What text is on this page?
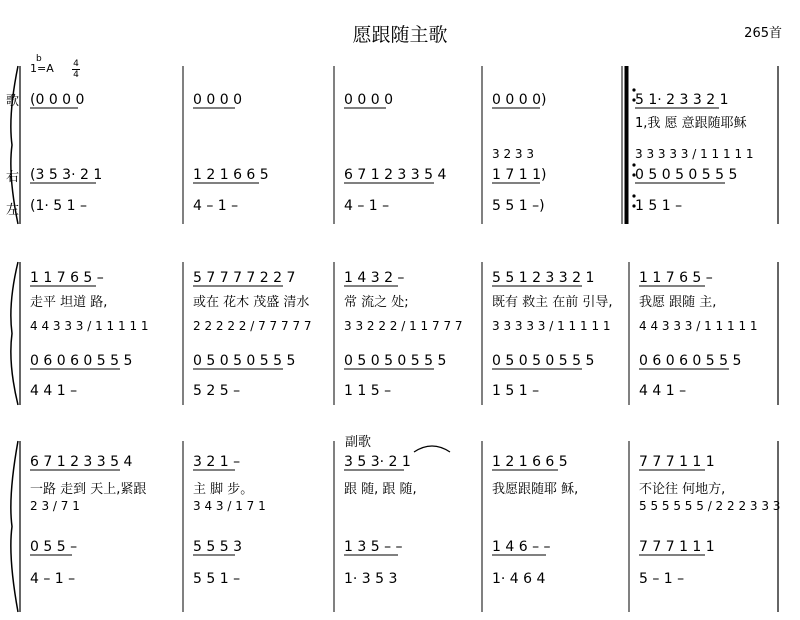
愿跟随主歌	265首
1=A
b	4
4
歌
右
左
(0 0 0 0
(3 5 3· 2 1
(1· 5 1 –
0 0 0 0
1 2 1 6 6 5
4 – 1 –
0 0 0 0
6 7 1 2 3 3 5 4
4 – 1 –
0 0 0 0)
3 2 3 3
1 7 1 1)
5 5 1 –)
5 1· 2 3 3 2 1
1,我 愿 意跟随耶稣
3 3 3 3 3 / 1 1 1 1 1
0 5 0 5 0 5 5 5
1 5 1 –
1 1 7 6 5 –
走平 坦道 路,
4 4 3 3 3 / 1 1 1 1 1
0 6 0 6 0 5 5 5
4 4 1 –
5 7 7 7 7 2 2 7
或在 花木 茂盛 清水
2 2 2 2 2 / 7 7 7 7 7
0 5 0 5 0 5 5 5
5 2 5 –
1 4 3 2 –
常 流之 处;
3 3 2 2 2 / 1 1 7 7 7
0 5 0 5 0 5 5 5
1 1 5 –
5 5 1 2 3 3 2 1
既有 救主 在前 引导,
3 3 3 3 3 / 1 1 1 1 1
0 5 0 5 0 5 5 5
1 5 1 –
1 1 7 6 5 –
我愿 跟随 主,
4 4 3 3 3 / 1 1 1 1 1
0 6 0 6 0 5 5 5
4 4 1 –
6 7 1 2 3 3 5 4
一路 走到 天上,紧跟
2 3 / 7 1
0 5 5 –
4 – 1 –
3 2 1 –
主 脚 步。
3 4 3 / 1 7 1
5 5 5 3
5 5 1 –
3 5 3· 2 1
跟 随, 跟 随,
1 3 5 – –
1· 3 5 3
1 2 1 6 6 5
我愿跟随耶 稣,
1 4 6 – –
1· 4 6 4
7 7 7 1 1 1
不论往 何地方,
5 5 5 5 5 5 / 2 2 2 3 3 3
7 7 7 1 1 1
5 – 1 –
副歌
